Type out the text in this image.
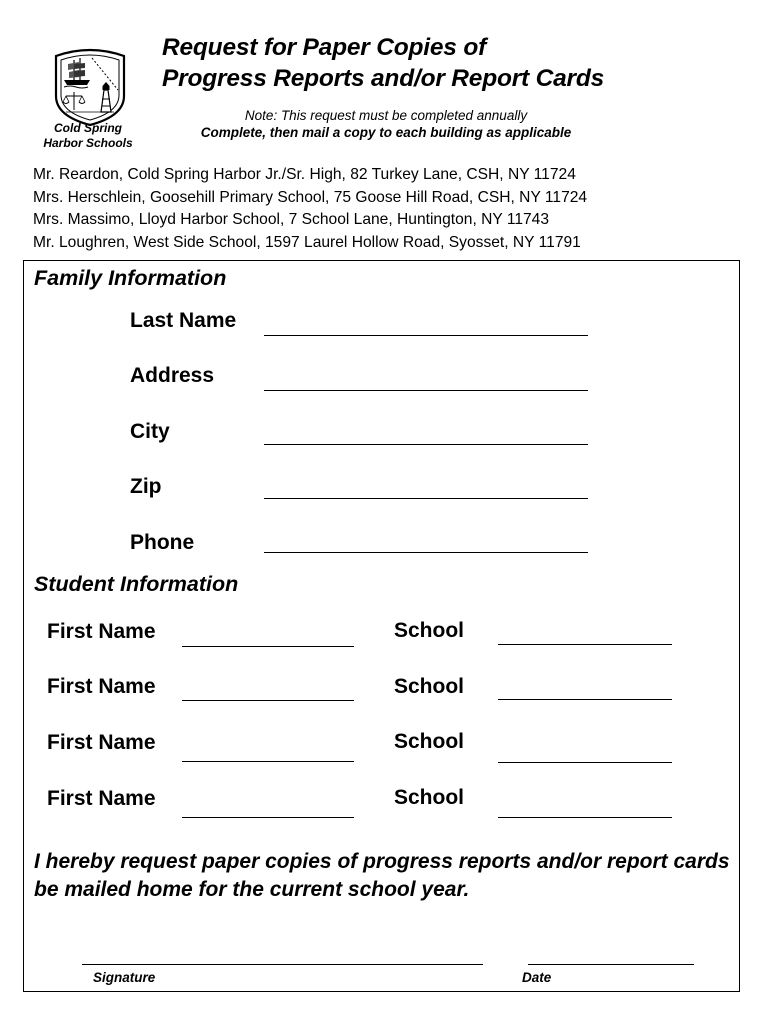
Cold Spring
Harbor Schools
Request for Paper Copies of
Progress Reports and/or Report Cards
Note: This request must be completed annually
Complete, then mail a copy to each building as applicable
Mr. Reardon, Cold Spring Harbor Jr./Sr. High, 82 Turkey Lane, CSH, NY 11724
Mrs. Herschlein, Goosehill Primary School, 75 Goose Hill Road, CSH, NY 11724
Mrs. Massimo, Lloyd Harbor School, 7 School Lane, Huntington, NY 11743
Mr. Loughren, West Side School, 1597 Laurel Hollow Road, Syosset, NY 11791
Family Information
Last Name
Address
City
Zip
Phone
Student Information
First Name	School
First Name	School
First Name	School
First Name	School
I hereby request paper copies of progress reports and/or report cards be mailed home for the current school year.
Signature	Date
